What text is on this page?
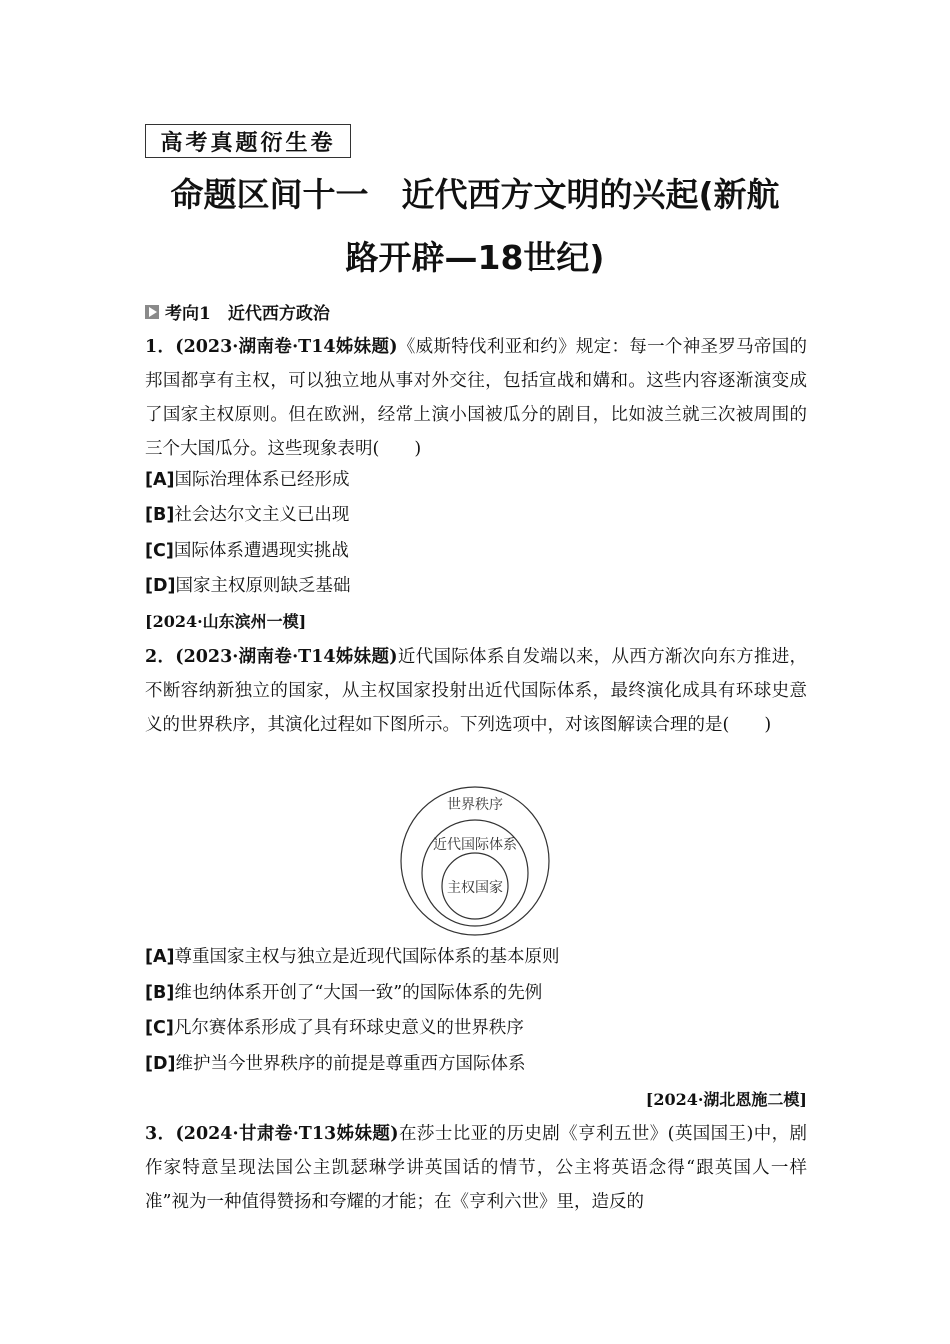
高考真题衍生卷
命题区间十一　近代西方文明的兴起(新航
路开辟—18世纪)
考向1　近代西方政治
1．(2023·湖南卷·T14姊妹题)《威斯特伐利亚和约》规定：每一个神圣罗马帝国的邦国都享有主权，可以独立地从事对外交往，包括宣战和媾和。这些内容逐渐演变成了国家主权原则。但在欧洲，经常上演小国被瓜分的剧目，比如波兰就三次被周围的三个大国瓜分。这些现象表明(　　)
[A]国际治理体系已经形成
[B]社会达尔文主义已出现
[C]国际体系遭遇现实挑战
[D]国家主权原则缺乏基础
[2024·山东滨州一模]
2．(2023·湖南卷·T14姊妹题)近代国际体系自发端以来，从西方渐次向东方推进，不断容纳新独立的国家，从主权国家投射出近代国际体系，最终演化成具有环球史意义的世界秩序，其演化过程如下图所示。下列选项中，对该图解读合理的是(　　)
世界秩序
近代国际体系
主权国家
[A]尊重国家主权与独立是近现代国际体系的基本原则
[B]维也纳体系开创了“大国一致”的国际体系的先例
[C]凡尔赛体系形成了具有环球史意义的世界秩序
[D]维护当今世界秩序的前提是尊重西方国际体系
[2024·湖北恩施二模]
3．(2024·甘肃卷·T13姊妹题)在莎士比亚的历史剧《亨利五世》(英国国王)中，剧作家特意呈现法国公主凯瑟琳学讲英国话的情节，公主将英语念得“跟英国人一样准”视为一种值得赞扬和夸耀的才能；在《亨利六世》里，造反的
